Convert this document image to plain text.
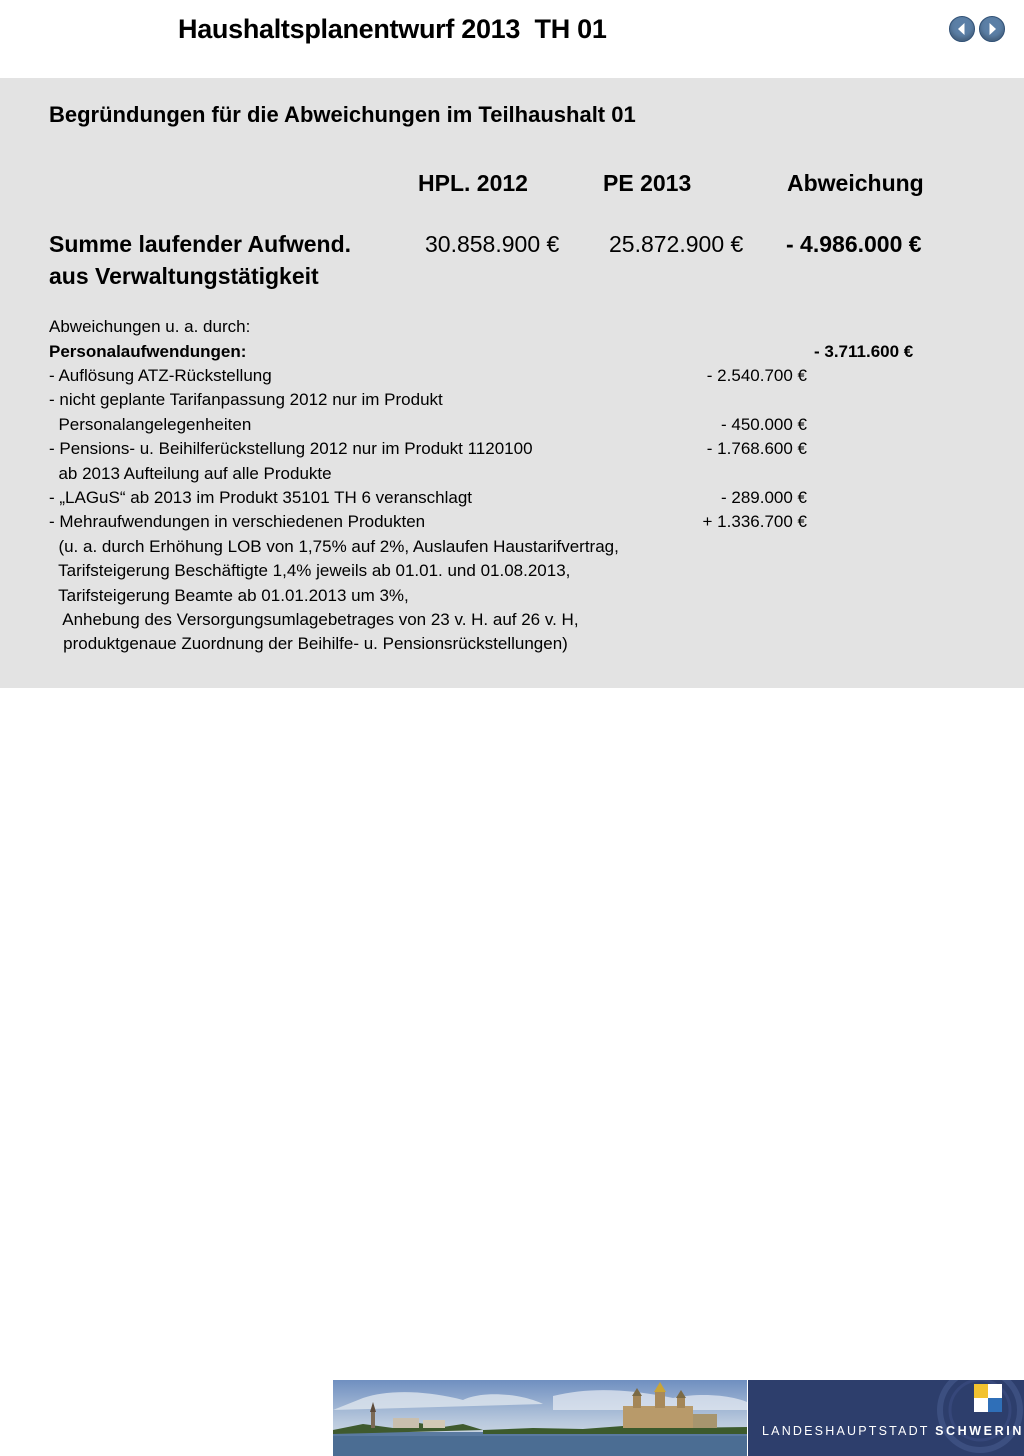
Haushaltsplanentwurf 2013  TH 01
Begründungen für die Abweichungen im Teilhaushalt 01
HPL. 2012	PE 2013	Abweichung
Summe laufender Aufwend.
aus Verwaltungstätigkeit
30.858.900 € 25.872.900 € - 4.986.000 €
Abweichungen u. a. durch:
Personalaufwendungen:	- 3.711.600 €
- Auflösung ATZ-Rückstellung	- 2.540.700 €
- nicht geplante Tarifanpassung 2012 nur im Produkt
Personalangelegenheiten	- 450.000 €
- Pensions- u. Beihilferückstellung 2012 nur im Produkt 1120100	- 1.768.600 €
ab 2013 Aufteilung auf alle Produkte
- „LAGuS“ ab 2013 im Produkt 35101 TH 6 veranschlagt	- 289.000 €
- Mehraufwendungen in verschiedenen Produkten	+ 1.336.700 €
(u. a. durch Erhöhung LOB von 1,75% auf 2%, Auslaufen Haustarifvertrag,
Tarifsteigerung Beschäftigte 1,4% jeweils ab 01.01. und 01.08.2013,
Tarifsteigerung Beamte ab 01.01.2013 um 3%,
Anhebung des Versorgungsumlagebetrages von 23 v. H. auf 26 v. H,
produktgenaue Zuordnung der Beihilfe- u. Pensionsrückstellungen)
LANDESHAUPTSTADT SCHWERIN
